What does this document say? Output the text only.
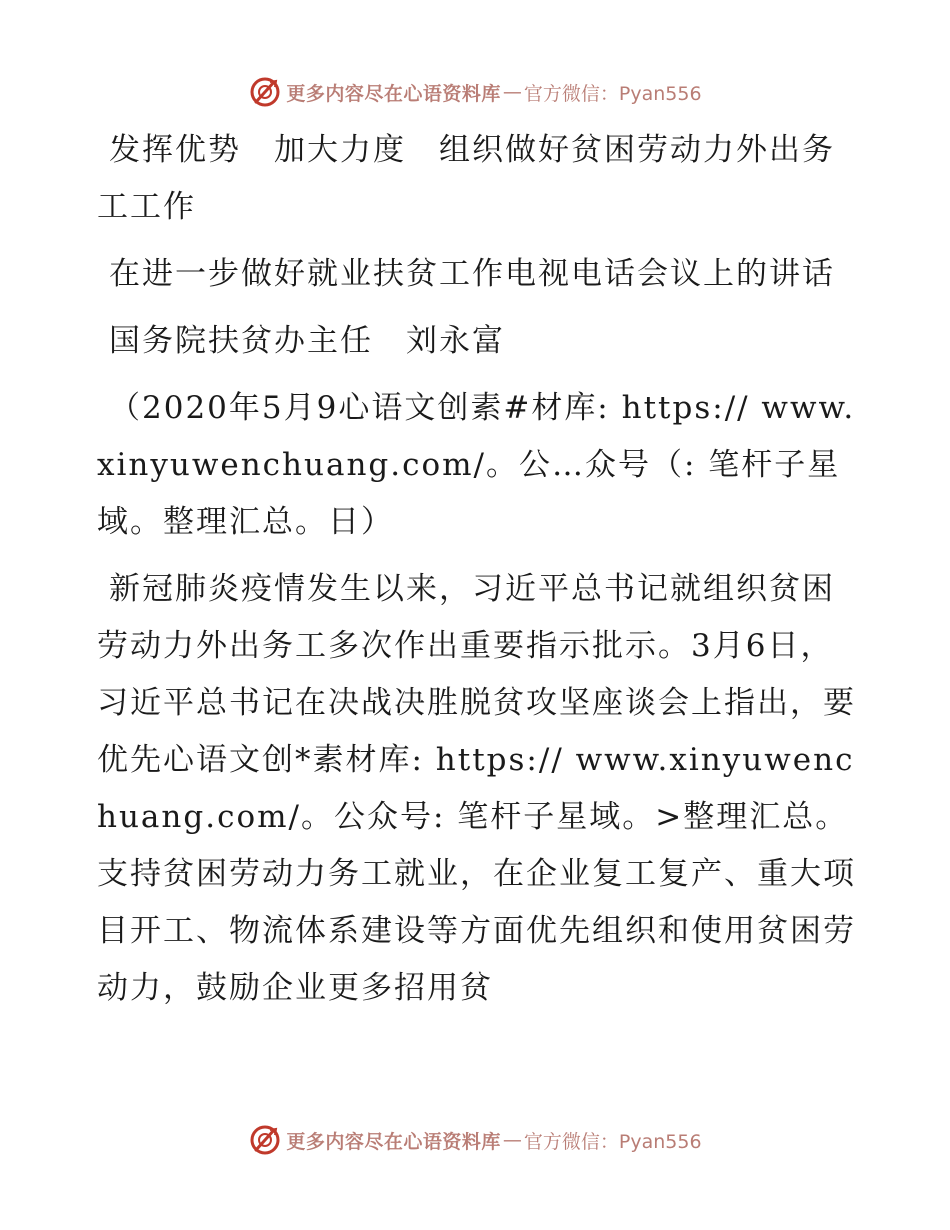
更多内容尽在心语资料库 — 官方微信：Pyan556

发挥优势　加大力度　组织做好贫困劳动力外出务工工作

在进一步做好就业扶贫工作电视电话会议上的讲话

国务院扶贫办主任　刘永富

（2020年5月9心语文创素#材库: https:// www.xinyuwenchuang.com/。公…众号（: 笔杆子星域。整理汇总。日）

新冠肺炎疫情发生以来，习近平总书记就组织贫困劳动力外出务工多次作出重要指示批示。3月6日，习近平总书记在决战决胜脱贫攻坚座谈会上指出，要优先心语文创*素材库: https:// www.xinyuwenchuang.com/。公众号: 笔杆子星域。>整理汇总。支持贫困劳动力务工就业，在企业复工复产、重大项目开工、物流体系建设等方面优先组织和使用贫困劳动力，鼓励企业更多招用贫

更多内容尽在心语资料库 — 官方微信：Pyan556
